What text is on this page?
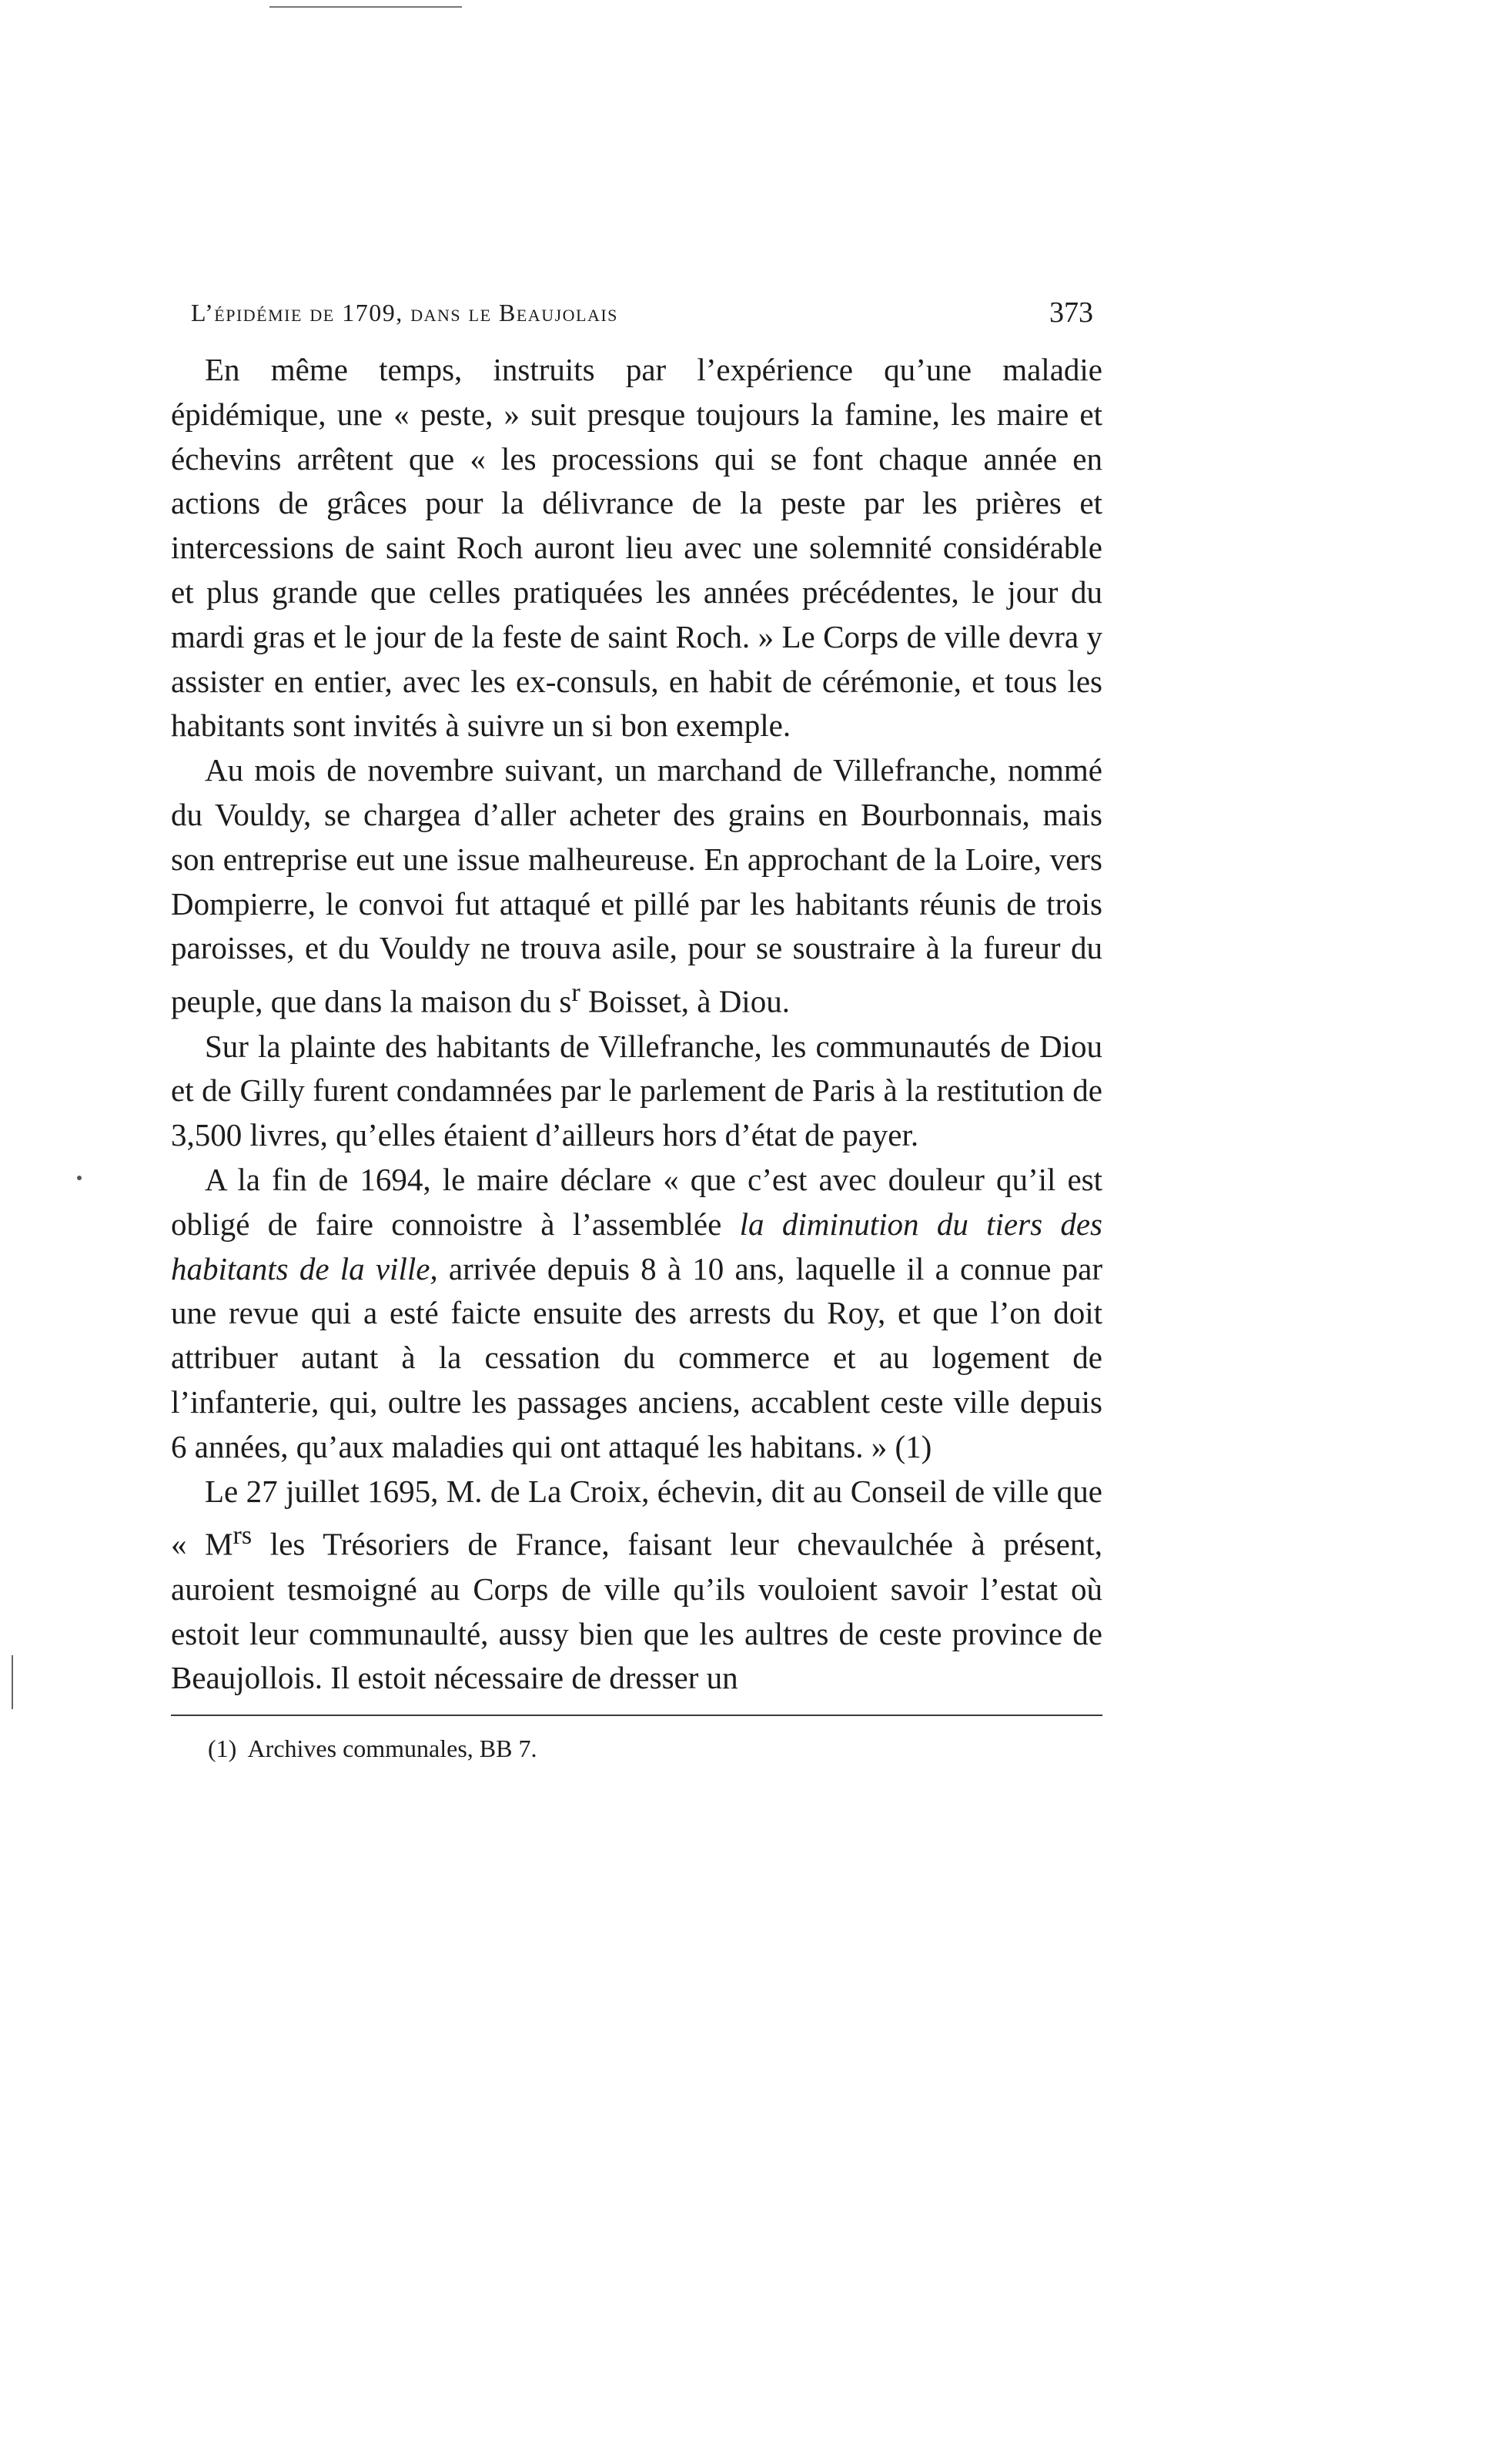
L’épidémie de 1709, dans le Beaujolais	373

En même temps, instruits par l’expérience qu’une maladie épidémique, une « peste, » suit presque toujours la famine, les maire et échevins arrêtent que « les processions qui se font chaque année en actions de grâces pour la délivrance de la peste par les prières et intercessions de saint Roch auront lieu avec une solemnité considérable et plus grande que celles pratiquées les années précédentes, le jour du mardi gras et le jour de la feste de saint Roch. » Le Corps de ville devra y assister en entier, avec les ex-consuls, en habit de cérémonie, et tous les habitants sont invités à suivre un si bon exemple.

Au mois de novembre suivant, un marchand de Villefranche, nommé du Vouldy, se chargea d’aller acheter des grains en Bourbonnais, mais son entreprise eut une issue malheureuse. En approchant de la Loire, vers Dompierre, le convoi fut attaqué et pillé par les habitants réunis de trois paroisses, et du Vouldy ne trouva asile, pour se soustraire à la fureur du peuple, que dans la maison du $s^r$ Boisset, à Diou.

Sur la plainte des habitants de Villefranche, les communautés de Diou et de Gilly furent condamnées par le parlement de Paris à la restitution de 3,500 livres, qu’elles étaient d’ailleurs hors d’état de payer.

A la fin de 1694, le maire déclare « que c’est avec douleur qu’il est obligé de faire connoistre à l’assemblée la diminution du tiers des habitants de la ville, arrivée depuis 8 à 10 ans, laquelle il a connue par une revue qui a esté faicte ensuite des arrests du Roy, et que l’on doit attribuer autant à la cessation du commerce et au logement de l’infanterie, qui, oultre les passages anciens, accablent ceste ville depuis 6 années, qu’aux maladies qui ont attaqué les habitans. » (1)

Le 27 juillet 1695, M. de La Croix, échevin, dit au Conseil de ville que « $M^{rs}$ les Trésoriers de France, faisant leur chevaulchée à présent, auroient tesmoigné au Corps de ville qu’ils vouloient savoir l’estat où estoit leur communaulté, aussy bien que les aultres de ceste province de Beaujollois. Il estoit nécessaire de dresser un

(1) Archives communales, BB 7.
